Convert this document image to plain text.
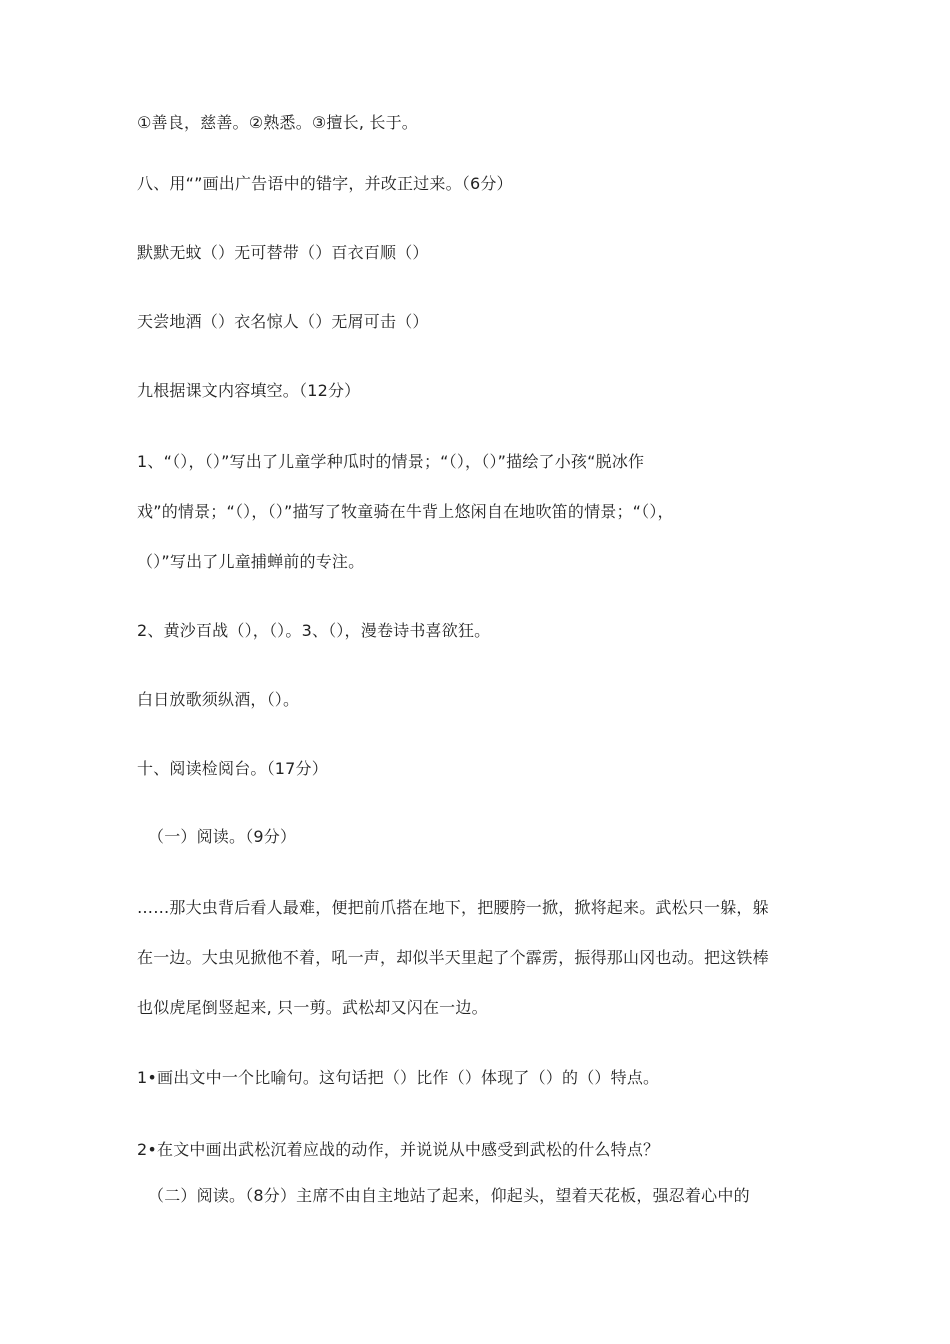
①善良，慈善。②熟悉。③擅长, 长于。
八、用“”画出广告语中的错字，并改正过来。（6分）
默默无蚊（）无可替带（）百衣百顺（）
天尝地酒（）衣名惊人（）无屑可击（）
九根据课文内容填空。（12分）
1、“（），（）”写出了儿童学种瓜时的情景；“（），（）”描绘了小孩“脱冰作
戏”的情景；“（），（）”描写了牧童骑在牛背上悠闲自在地吹笛的情景；“（），
（）”写出了儿童捕蝉前的专注。
2、黄沙百战（），（）。3、（），漫卷诗书喜欲狂。
白日放歌须纵酒，（）。
十、阅读检阅台。（17分）
（一）阅读。（9分）
……那大虫背后看人最难，便把前爪搭在地下，把腰胯一掀，掀将起来。武松只一躲，躲
在一边。大虫见掀他不着，吼一声，却似半天里起了个霹雳，振得那山冈也动。把这铁棒
也似虎尾倒竖起来, 只一剪。武松却又闪在一边。
1•画出文中一个比喻句。这句话把（）比作（）体现了（）的（）特点。
2•在文中画出武松沉着应战的动作，并说说从中感受到武松的什么特点？
（二）阅读。（8分）主席不由自主地站了起来，仰起头，望着天花板，强忍着心中的
